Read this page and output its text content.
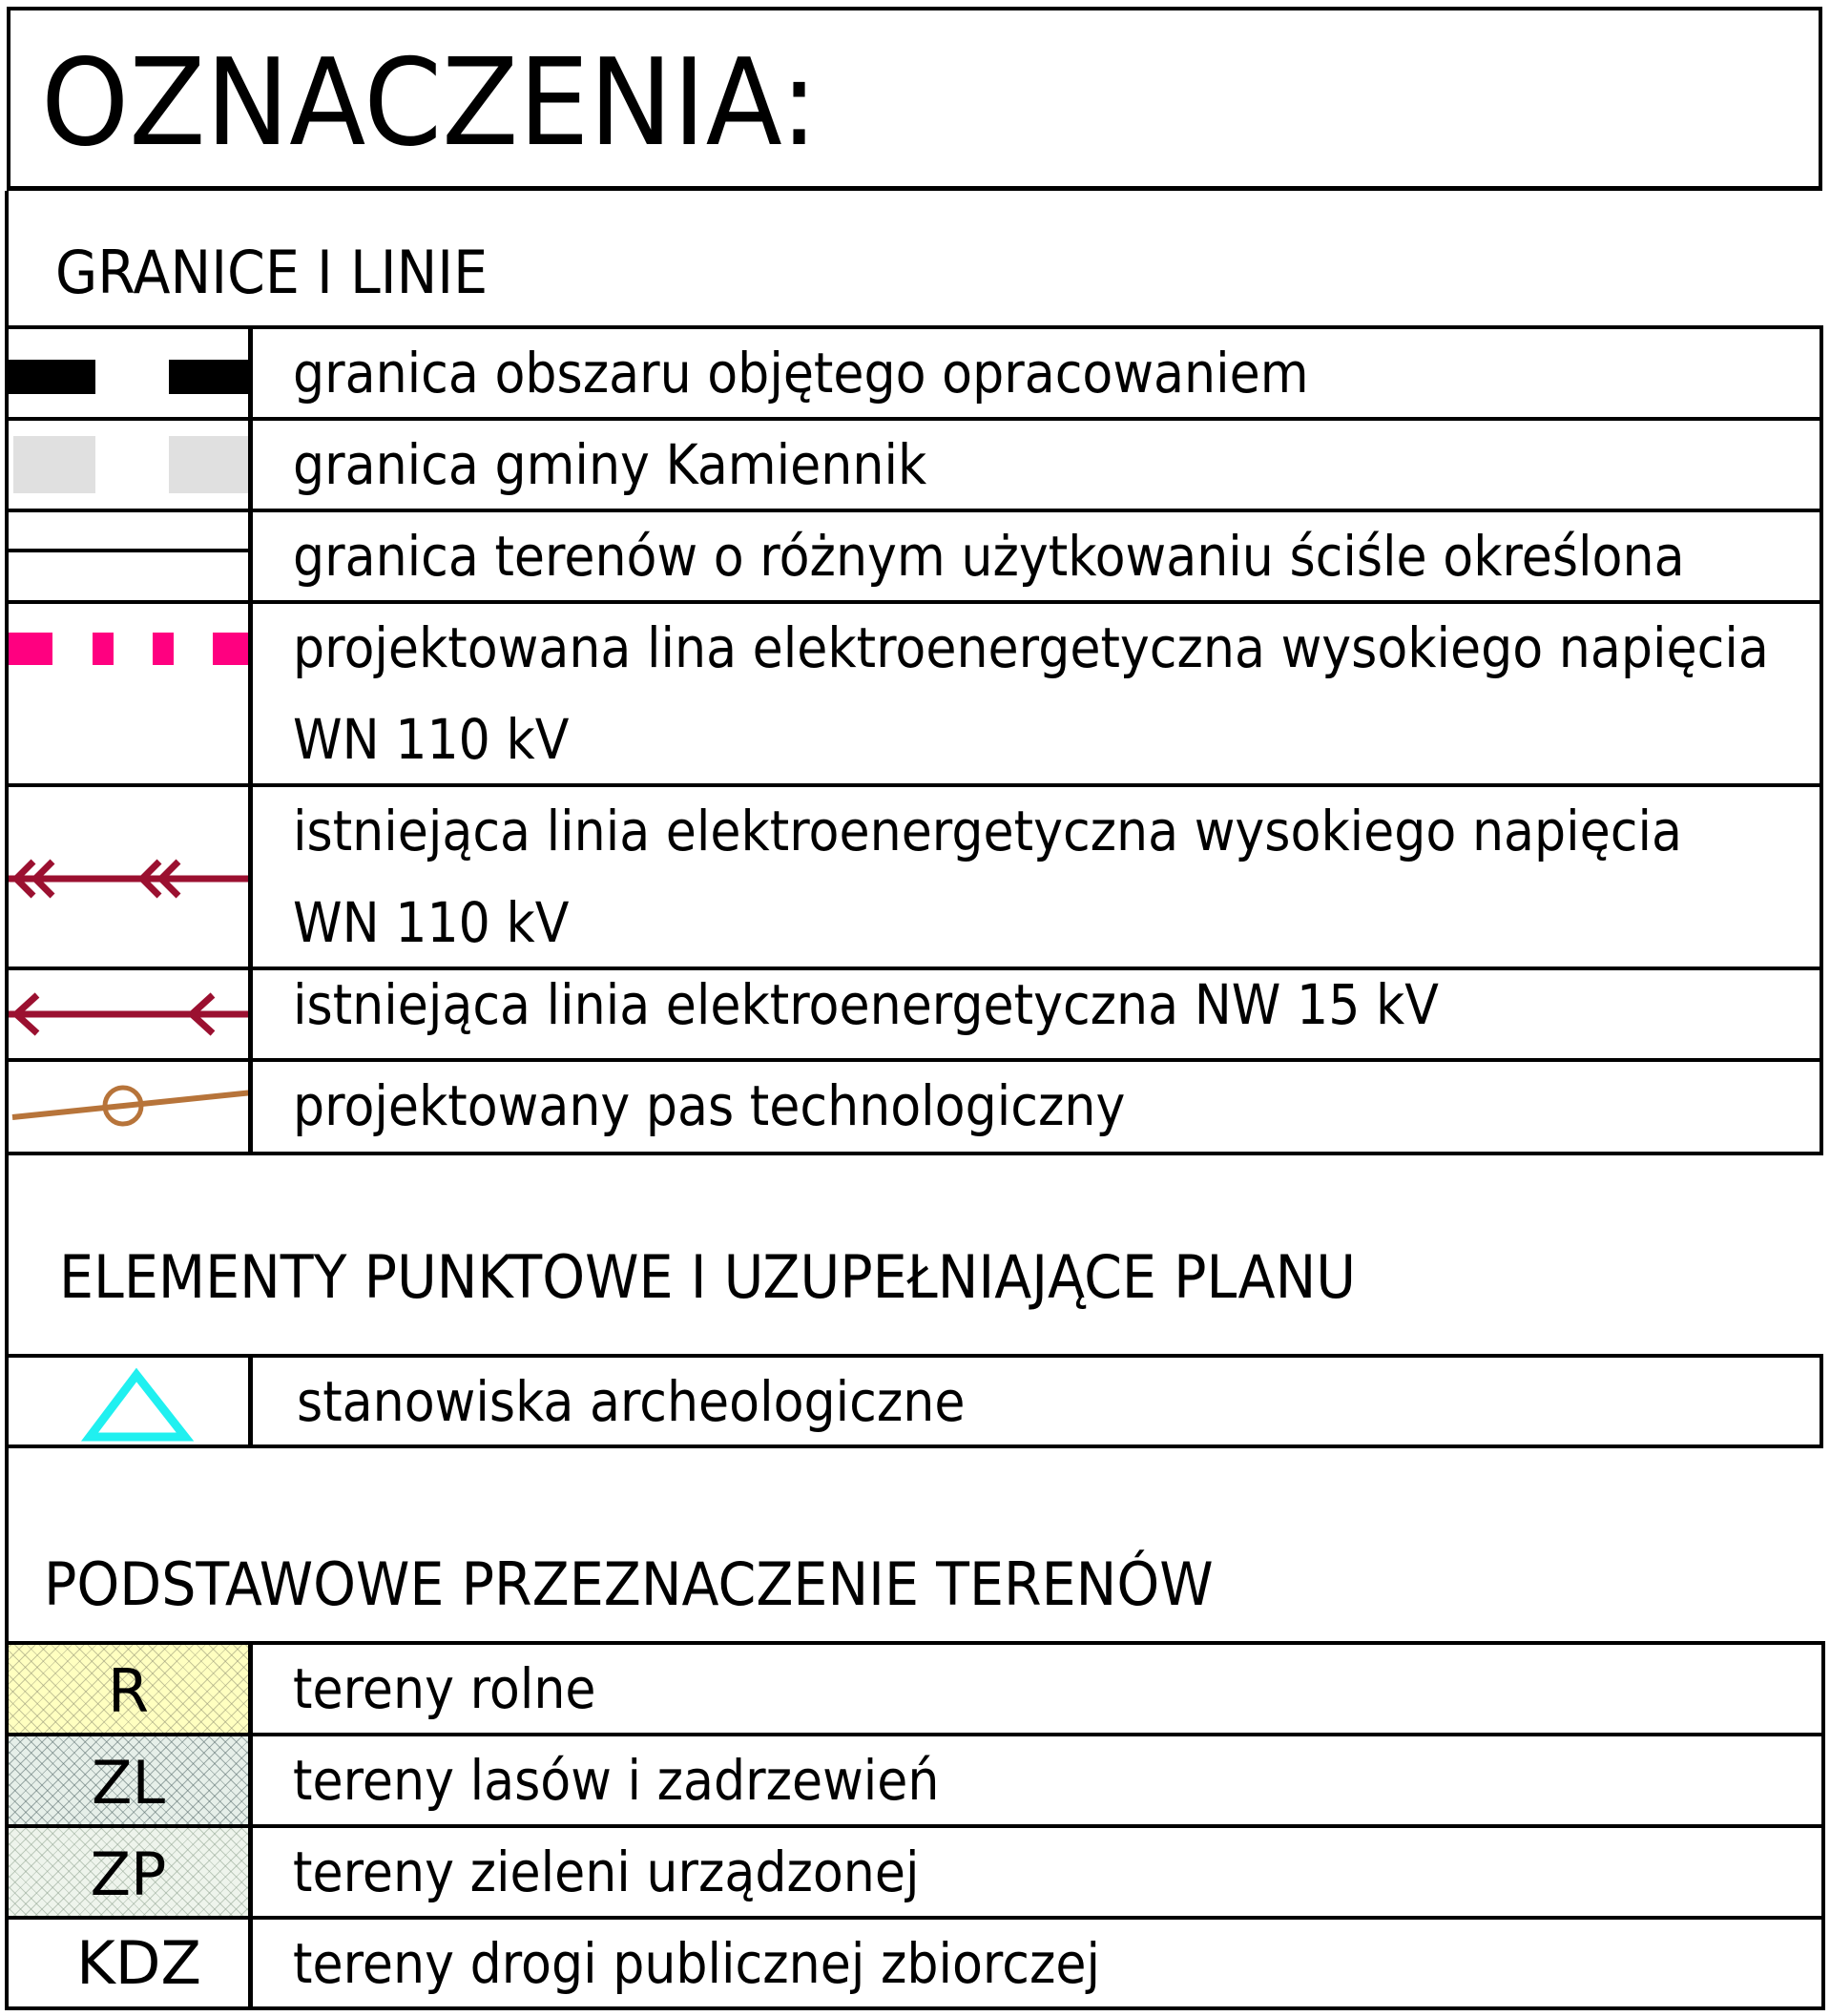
OZNACZENIA:
GRANICE I LINIE
granica obszaru objętego opracowaniem
granica gminy Kamiennik
granica terenów o różnym użytkowaniu ściśle określona
projektowana lina elektroenergetyczna wysokiego napięcia
WN 110 kV
istniejąca linia elektroenergetyczna wysokiego napięcia
WN 110 kV
istniejąca linia elektroenergetyczna NW 15 kV
projektowany pas technologiczny
ELEMENTY PUNKTOWE I UZUPEŁNIAJĄCE PLANU
stanowiska archeologiczne
PODSTAWOWE PRZEZNACZENIE TERENÓW
R	tereny rolne
ZL	tereny lasów i zadrzewień
ZP	tereny zieleni urządzonej
KDZ	tereny drogi publicznej zbiorczej
